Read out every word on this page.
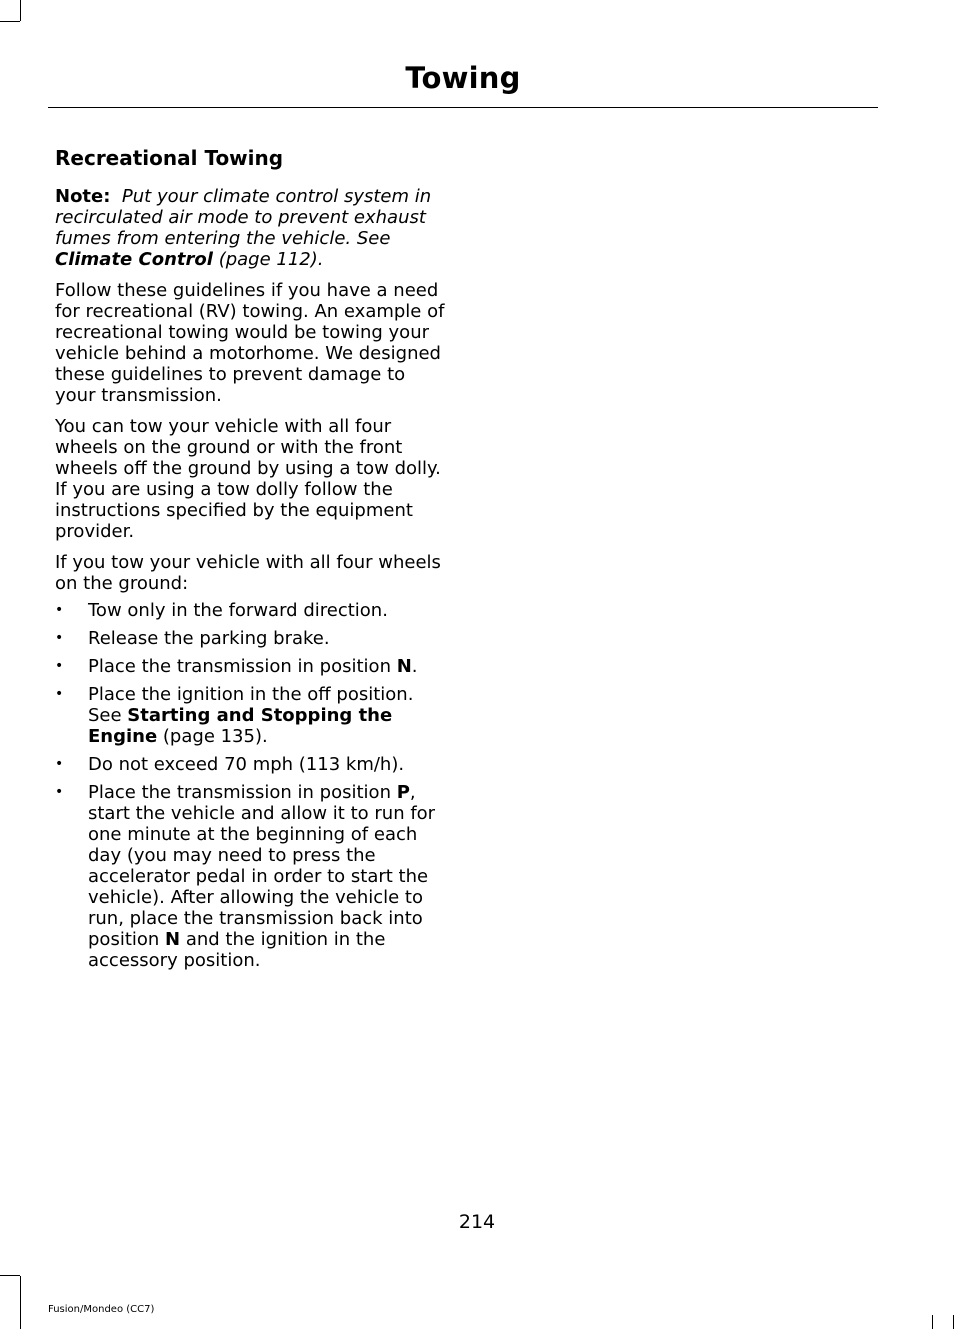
Towing
Recreational Towing

Note: Put your climate control system in recirculated air mode to prevent exhaust fumes from entering the vehicle. See Climate Control (page 112).

Follow these guidelines if you have a need for recreational (RV) towing. An example of recreational towing would be towing your vehicle behind a motorhome. We designed these guidelines to prevent damage to your transmission.

You can tow your vehicle with all four wheels on the ground or with the front wheels off the ground by using a tow dolly. If you are using a tow dolly follow the instructions specified by the equipment provider.

If you tow your vehicle with all four wheels on the ground:

• Tow only in the forward direction.
• Release the parking brake.
• Place the transmission in position N.
• Place the ignition in the off position. See Starting and Stopping the Engine (page 135).
• Do not exceed 70 mph (113 km/h).
• Place the transmission in position P, start the vehicle and allow it to run for one minute at the beginning of each day (you may need to press the accelerator pedal in order to start the vehicle). After allowing the vehicle to run, place the transmission back into position N and the ignition in the accessory position.
214
Fusion/Mondeo (CC7)
